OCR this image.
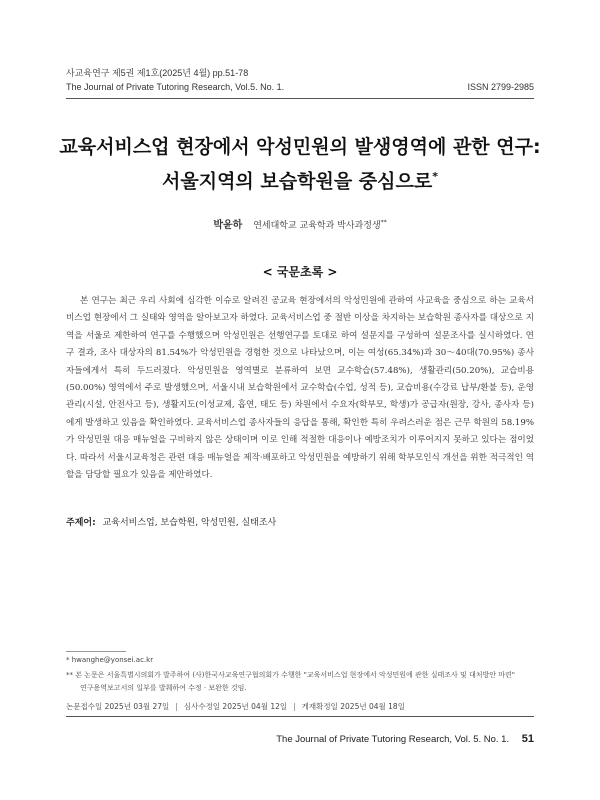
사교육연구 제5권 제1호(2025년 4월) pp.51-78
The Journal of Private Tutoring Research, Vol.5. No. 1.	ISSN 2799-2985
교육서비스업 현장에서 악성민원의 발생영역에 관한 연구:
서울지역의 보습학원을 중심으로*
박윤하 연세대학교 교육학과 박사과정생**
< 국문초록 >

본 연구는 최근 우리 사회에 심각한 이슈로 알려진 공교육 현장에서의 악성민원에 관하여 사교육을 중심으로 하는 교육서비스업 현장에서 그 실태와 영역을 알아보고자 하였다. 교육서비스업 중 절반 이상을 차지하는 보습학원 종사자를 대상으로 지역을 서울로 제한하여 연구를 수행했으며 악성민원은 선행연구를 토대로 하여 설문지를 구성하여 설문조사를 실시하였다. 연구 결과, 조사 대상자의 81.54%가 악성민원을 경험한 것으로 나타났으며, 이는 여성(65.34%)과 30～40대(70.95%) 종사자들에게서 특히 두드러졌다. 악성민원을 영역별로 분류하여 보면 교수학습(57.48%), 생활관리(50.20%), 교습비용(50.00%) 영역에서 주로 발생했으며, 서울시내 보습학원에서 교수학습(수업, 성적 등), 교습비용(수강료 납부/환불 등), 운영관리(시설, 안전사고 등), 생활지도(이성교제, 흡연, 태도 등) 차원에서 수요자(학부모, 학생)가 공급자(원장, 강사, 종사자 등)에게 발생하고 있음을 확인하였다. 교육서비스업 종사자들의 응답을 통해, 확인한 특히 우려스러운 점은 근무 학원의 58.19%가 악성민원 대응 매뉴얼을 구비하지 않은 상태이며 이로 인해 적절한 대응이나 예방조치가 이루어지지 못하고 있다는 점이었다. 따라서 서울시교육청은 관련 대응 매뉴얼을 제작·배포하고 악성민원을 예방하기 위해 학부모인식 개선을 위한 적극적인 역할을 담당할 필요가 있음을 제안하였다.

주제어: 교육서비스업, 보습학원, 악성민원, 실태조사
* hwanghe@yonsei.ac.kr
** 본 논문은 서울특별시의회가 발주하여 (사)한국사교육연구협의회가 수행한 "교육서비스업 현장에서 악성민원에 관한 실태조사 및 대처방안 마련"
연구용역보고서의 일부를 발췌하여 수정 · 보완한 것임.
논문접수일 2025년 03월 27일 | 심사수정일 2025년 04월 12일 | 게재확정일 2025년 04월 18일
The Journal of Private Tutoring Research, Vol. 5. No. 1. 51
